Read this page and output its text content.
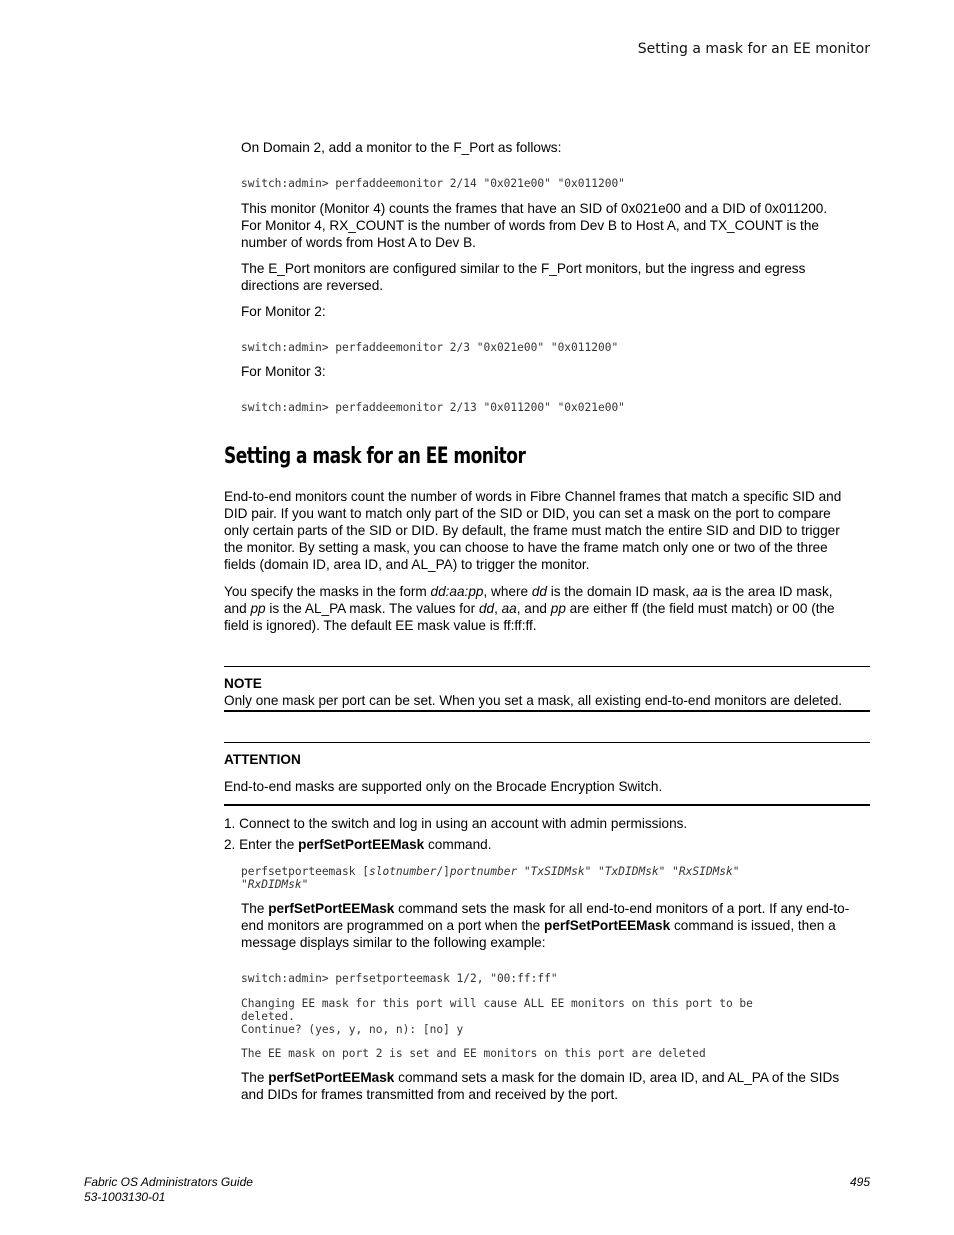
Setting a mask for an EE monitor
On Domain 2, add a monitor to the F_Port as follows:
switch:admin> perfaddeemonitor 2/14 "0x021e00" "0x011200"
This monitor (Monitor 4) counts the frames that have an SID of 0x021e00 and a DID of 0x011200.
For Monitor 4, RX_COUNT is the number of words from Dev B to Host A, and TX_COUNT is the
number of words from Host A to Dev B.
The E_Port monitors are configured similar to the F_Port monitors, but the ingress and egress
directions are reversed.
For Monitor 2:
switch:admin> perfaddeemonitor 2/3 "0x021e00" "0x011200"
For Monitor 3:
switch:admin> perfaddeemonitor 2/13 "0x011200" "0x021e00"
Setting a mask for an EE monitor
End-to-end monitors count the number of words in Fibre Channel frames that match a specific SID and
DID pair. If you want to match only part of the SID or DID, you can set a mask on the port to compare
only certain parts of the SID or DID. By default, the frame must match the entire SID and DID to trigger
the monitor. By setting a mask, you can choose to have the frame match only one or two of the three
fields (domain ID, area ID, and AL_PA) to trigger the monitor.
You specify the masks in the form dd:aa:pp, where dd is the domain ID mask, aa is the area ID mask,
and pp is the AL_PA mask. The values for dd, aa, and pp are either ff (the field must match) or 00 (the
field is ignored). The default EE mask value is ff:ff:ff.
NOTE
Only one mask per port can be set. When you set a mask, all existing end-to-end monitors are deleted.
ATTENTION
End-to-end masks are supported only on the Brocade Encryption Switch.
1. Connect to the switch and log in using an account with admin permissions.
2. Enter the perfSetPortEEMask command.
perfsetporteemask [slotnumber/]portnumber "TxSIDMsk" "TxDIDMsk" "RxSIDMsk"
"RxDIDMsk"
The perfSetPortEEMask command sets the mask for all end-to-end monitors of a port. If any end-to-
end monitors are programmed on a port when the perfSetPortEEMask command is issued, then a
message displays similar to the following example:
switch:admin> perfsetporteemask 1/2, "00:ff:ff"
Changing EE mask for this port will cause ALL EE monitors on this port to be
deleted.
Continue? (yes, y, no, n): [no] y
The EE mask on port 2 is set and EE monitors on this port are deleted
The perfSetPortEEMask command sets a mask for the domain ID, area ID, and AL_PA of the SIDs
and DIDs for frames transmitted from and received by the port.
Fabric OS Administrators Guide
53-1003130-01
495
